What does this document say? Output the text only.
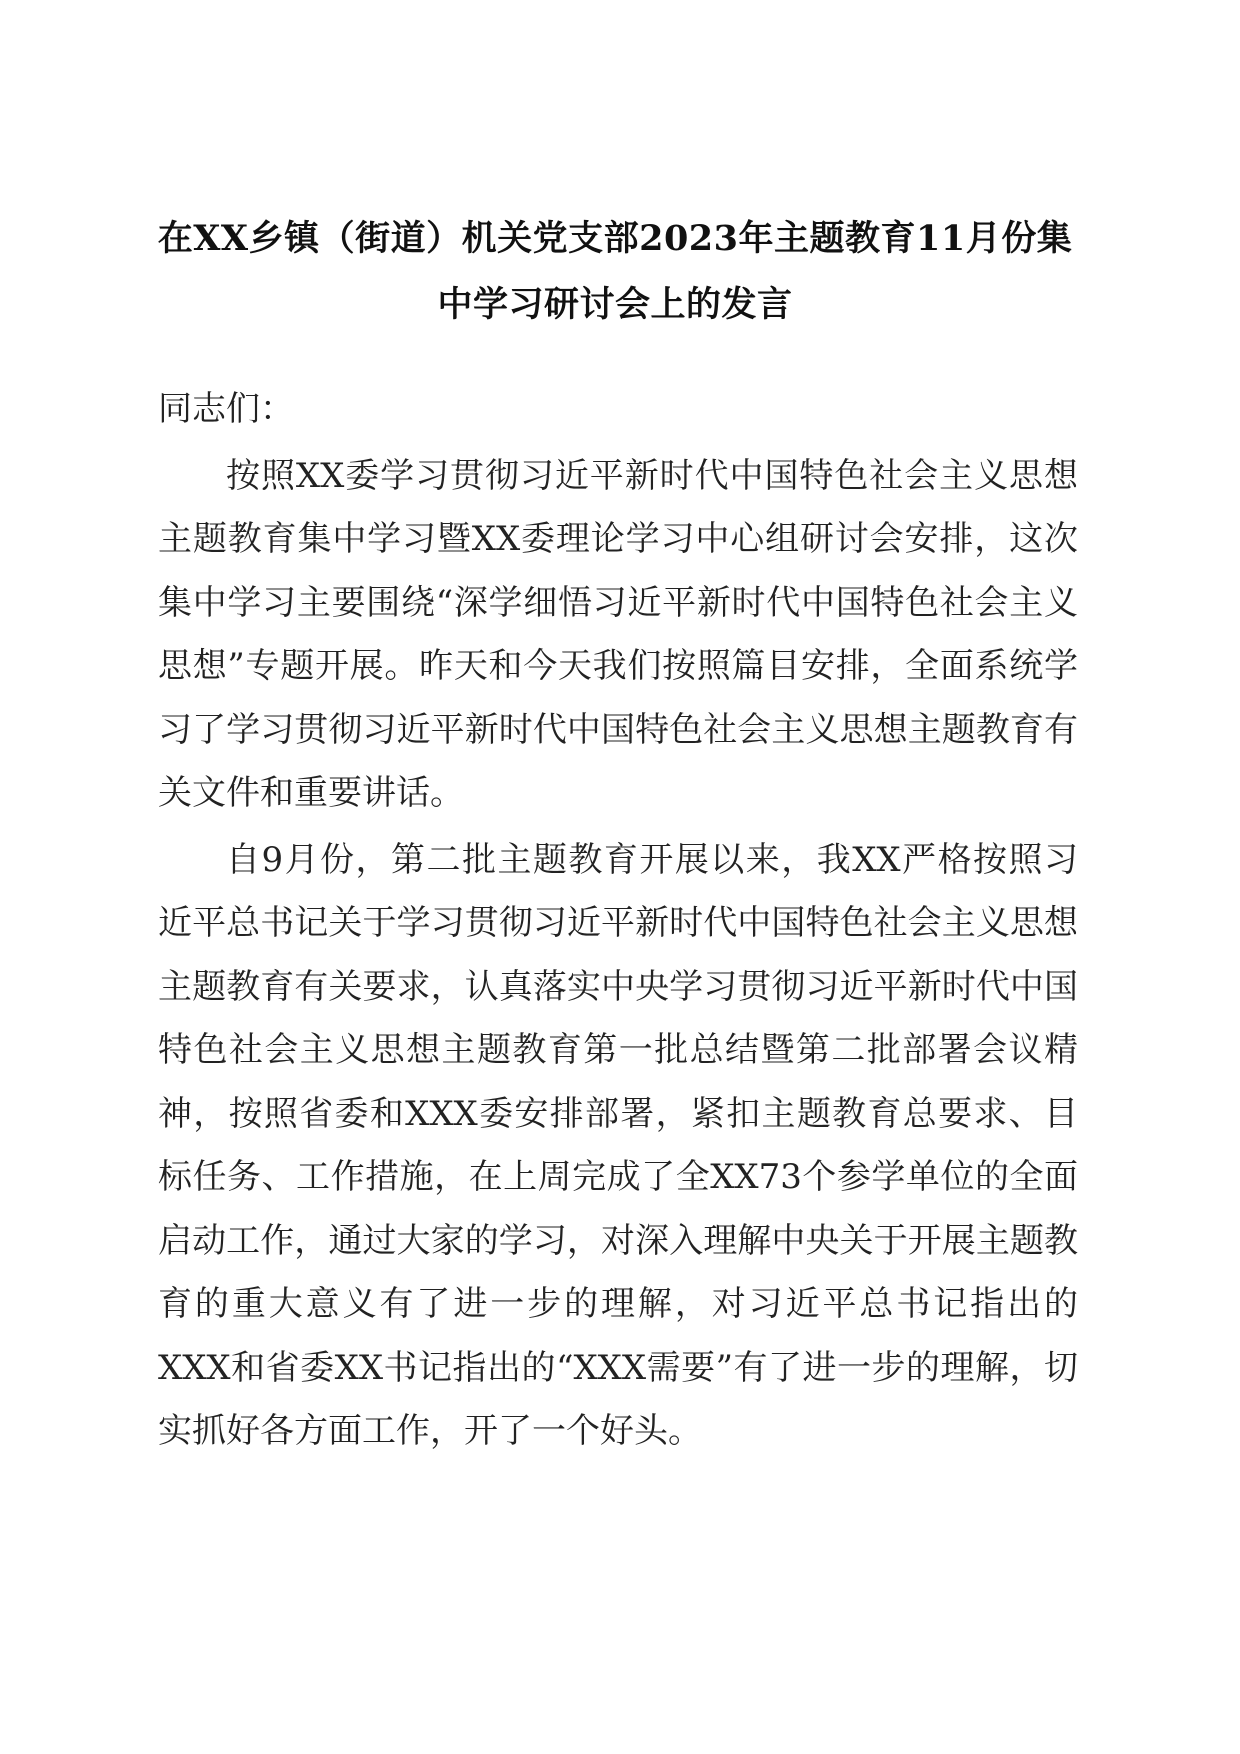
在XX乡镇（街道）机关党支部2023年主题教育11月份集中学习研讨会上的发言

同志们：

按照XX委学习贯彻习近平新时代中国特色社会主义思想主题教育集中学习暨XX委理论学习中心组研讨会安排，这次集中学习主要围绕“深学细悟习近平新时代中国特色社会主义思想”专题开展。昨天和今天我们按照篇目安排，全面系统学习了学习贯彻习近平新时代中国特色社会主义思想主题教育有关文件和重要讲话。

自9月份，第二批主题教育开展以来，我XX严格按照习近平总书记关于学习贯彻习近平新时代中国特色社会主义思想主题教育有关要求，认真落实中央学习贯彻习近平新时代中国特色社会主义思想主题教育第一批总结暨第二批部署会议精神，按照省委和XXX委安排部署，紧扣主题教育总要求、目标任务、工作措施，在上周完成了全XX73个参学单位的全面启动工作，通过大家的学习，对深入理解中央关于开展主题教育的重大意义有了进一步的理解，对习近平总书记指出的XXX和省委XX书记指出的“XXX需要”有了进一步的理解，切实抓好各方面工作，开了一个好头。
